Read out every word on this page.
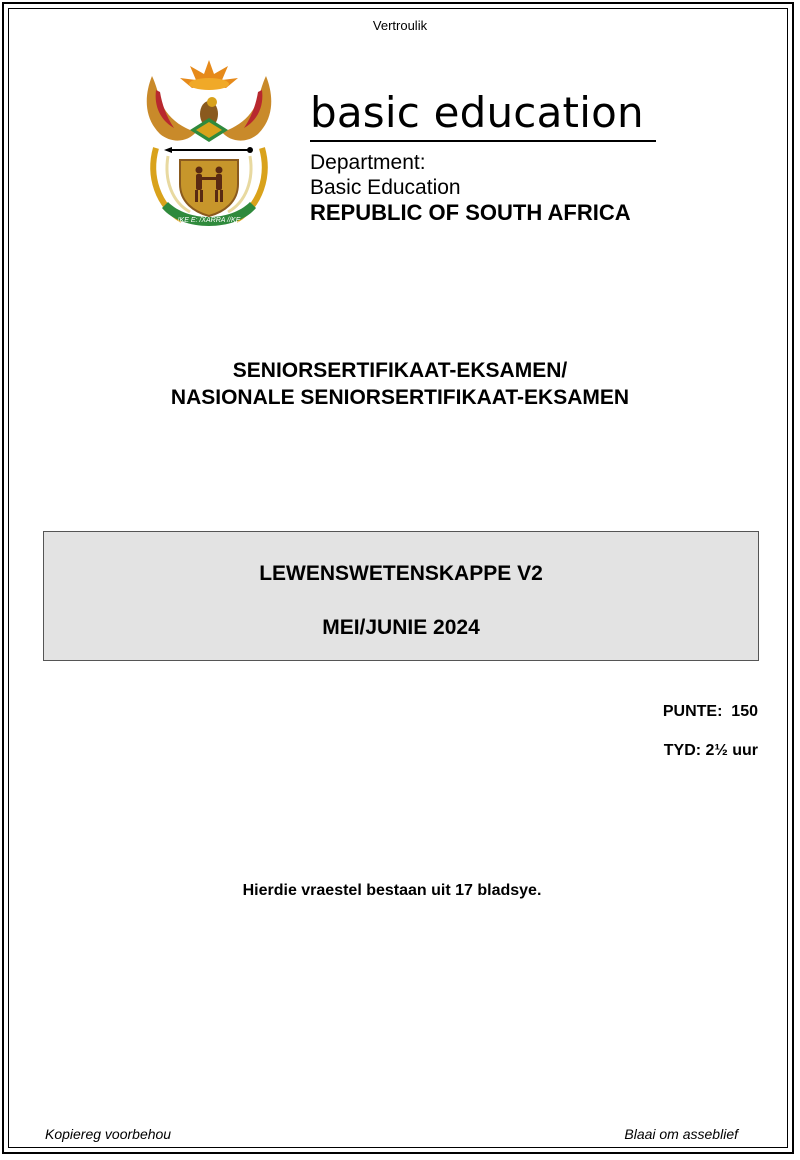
Vertroulik
!KE E: /XARRA //KE
basic education
Department:
Basic Education
REPUBLIC OF SOUTH AFRICA
SENIORSERTIFIKAAT-EKSAMEN/
NASIONALE SENIORSERTIFIKAAT-EKSAMEN
LEWENSWETENSKAPPE V2
MEI/JUNIE 2024
PUNTE:  150
TYD: 2½ uur
Hierdie vraestel bestaan uit 17 bladsye.
Kopiereg voorbehou	Blaai om asseblief
